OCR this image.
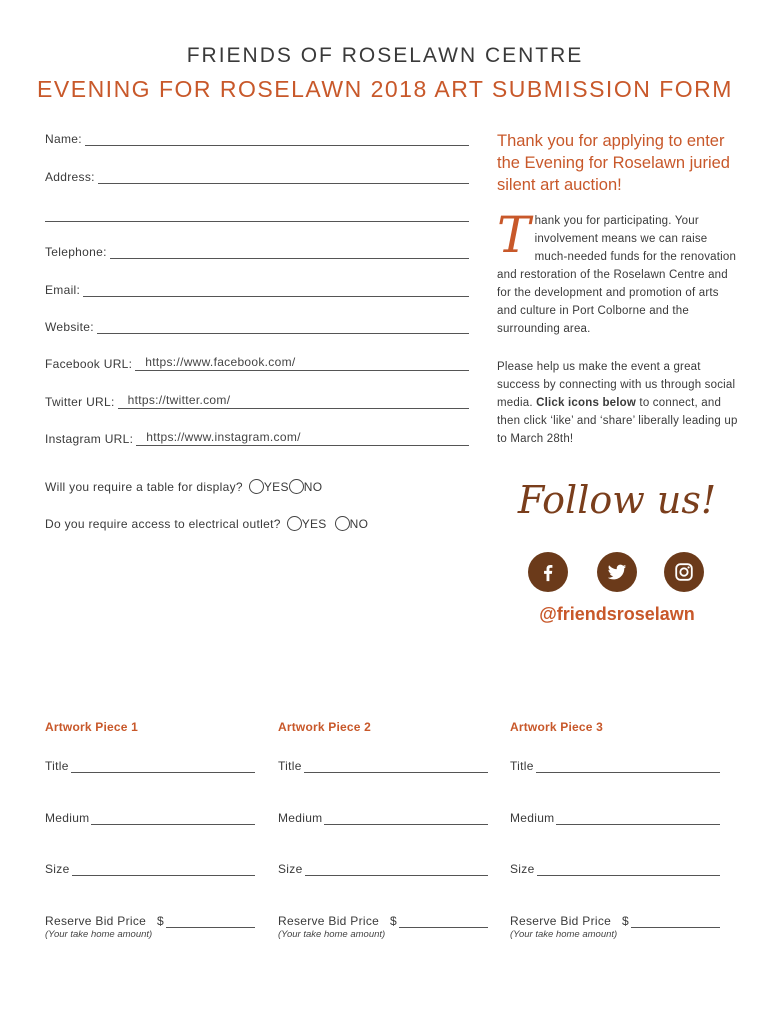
FRIENDS OF ROSELAWN CENTRE
EVENING FOR ROSELAWN 2018 ART SUBMISSION FORM
Name:
Address:
Telephone:
Email:
Website:
Facebook URL: https://www.facebook.com/
Twitter URL: https://twitter.com/
Instagram URL: https://www.instagram.com/
Will you require a table for display? YES NO
Do you require access to electrical outlet? YES NO
Thank you for applying to enter the Evening for Roselawn juried silent art auction!
T hank you for participating. Your involvement means we can raise much-needed funds for the renovation and restoration of the Roselawn Centre and for the development and promotion of arts and culture in Port Colborne and the surrounding area.
Please help us make the event a great success by connecting with us through social media. Click icons below to connect, and then click ‘like’ and ‘share’ liberally leading up to March 28th!
Follow us!
@friendsroselawn
Artwork Piece 1
Title
Medium
Size
Reserve Bid Price   $
(Your take home amount)
Artwork Piece 2
Title
Medium
Size
Reserve Bid Price   $
(Your take home amount)
Artwork Piece 3
Title
Medium
Size
Reserve Bid Price   $
(Your take home amount)
